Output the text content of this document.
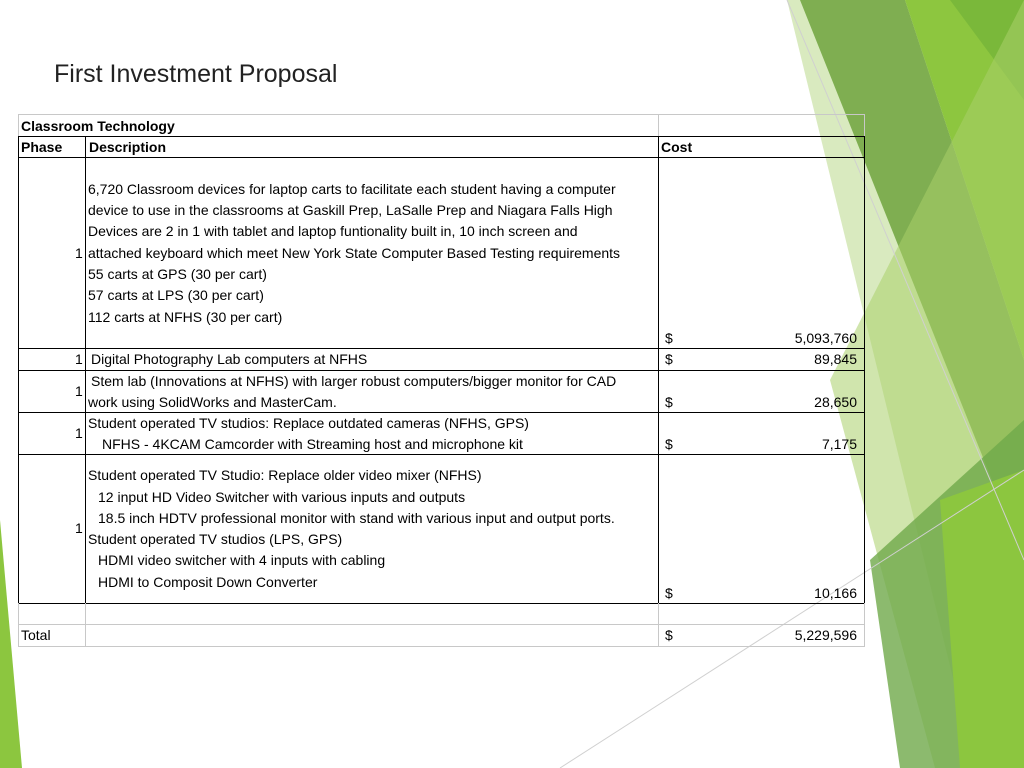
First Investment Proposal
Classroom Technology
Phase Description	Cost
1
6,720 Classroom devices for laptop carts to facilitate each student having a computer
device to use in the classrooms at Gaskill Prep, LaSalle Prep and Niagara Falls High
Devices are 2 in 1 with tablet and laptop funtionality built in, 10 inch screen and
attached keyboard which meet New York State Computer Based Testing requirements
55 carts at GPS (30 per cart)
57 carts at LPS (30 per cart)
112 carts at NFHS (30 per cart)
$	5,093,760
1 Digital Photography Lab computers at NFHS	$	89,845
1
Stem lab (Innovations at NFHS) with larger robust computers/bigger monitor for CAD
work using SolidWorks and MasterCam.	$	28,650
1
Student operated TV studios: Replace outdated cameras (NFHS, GPS)
NFHS - 4KCAM Camcorder with Streaming host and microphone kit	$	7,175
1
Student operated TV Studio: Replace older video mixer (NFHS)
12 input HD Video Switcher with various inputs and outputs
18.5 inch HDTV professional monitor with stand with various input and output ports.
Student operated TV studios (LPS, GPS)
HDMI video switcher with 4 inputs with cabling
HDMI to Composit Down Converter
$	10,166
Total	$	5,229,596
